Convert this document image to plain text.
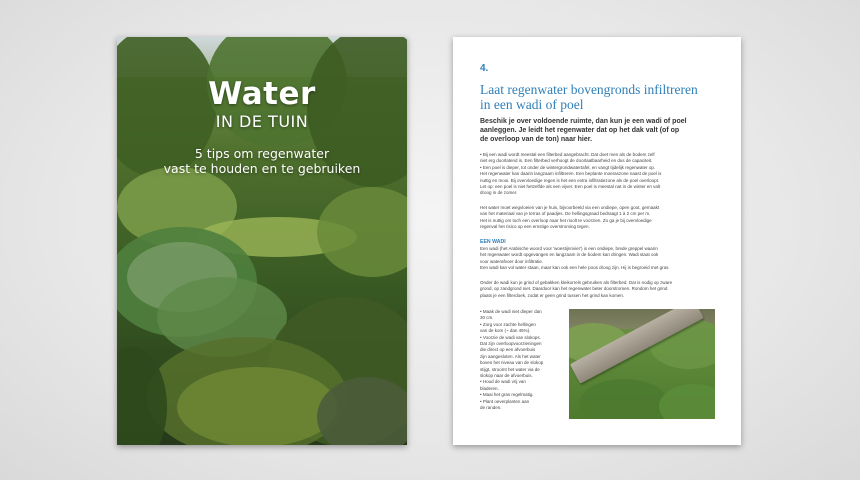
Water
IN DE TUIN
5 tips om regenwater
vast te houden en te gebruiken
4.
Laat regenwater bovengronds infiltreren
in een wadi of poel
Beschik je over voldoende ruimte, dan kun je een wadi of poel
aanleggen. Je leidt het regenwater dat op het dak valt (of op
de overloop van de ton) naar hier.
• Bij een wadi wordt meestal een filterbed aangebracht. Dat doet men als de bodem zelf
niet erg doorlatend is. Een filterbed verhoogt de doorlaatbaarheid en dus de capaciteit.
• Een poel is dieper, tot onder de wintergrondwatertafel, en vangt tijdelijk regenwater op.
Het regenwater kan daarin langzaam infiltreren. Een beplante moeraszone naast de poel is
nuttig en mooi. Bij overvloedige regen is het een extra infiltratiezone als de poel overloopt.
Let op: een poel is niet hetzelfde als een vijver. Een poel is meestal nat in de winter en valt
droog in de zomer.
Het water moet wegvloeien van je huis, bijvoorbeeld via een ondiepe, open goot, gemaakt
van het materiaal van je terras of paadjes. De hellingsgraad bedraagt 1 à 2 cm per m.
Het is nuttig om toch een overloop naar het rioolt te voorzien. Zo ga je bij overvloedige
regenval het risico op een ernstige overstroming tegen.
EEN WADI
Een wadi (het Arabische woord voor 'woestijnrivier') is een ondiepe, brede greppel waarin
het regenwater wordt opgevangen en langzaam in de bodem kan dringen. Wadi staat ook
voor waterafvoer door infiltratie.
Een wadi kan vol water staan, maar kan ook een hele poos droog zijn. Hij is begroeid met gras.
Onder de wadi kun je grind of gebakken kleikorrels gebruiken als filterbed. Dat is nodig op zware
grond, op zandgrond niet. Daardoor kan het regenwater beter doorstromen. Rondom het grind
plaats je een filterdoek, zodat er geen grind tussen het grind kan komen.
• Maak de wadi niet dieper dan
30 cm.
• Zorg voor zachte hellingen
van de kom (~ dan 45%).
• Voorzie de wadi van slokops.
Dat zijn overloopvoorzieningen
die direct op een afvoerbuis
zijn aangesloten. Als het water
boven het niveau van de slokop
stijgt, stroomt het water via de
slokop naar de afvoerbuis.
• Houd de wadi vrij van
bladeren.
• Maai het gras regelmatig.
• Plant oeverplanten aan
de randen.
